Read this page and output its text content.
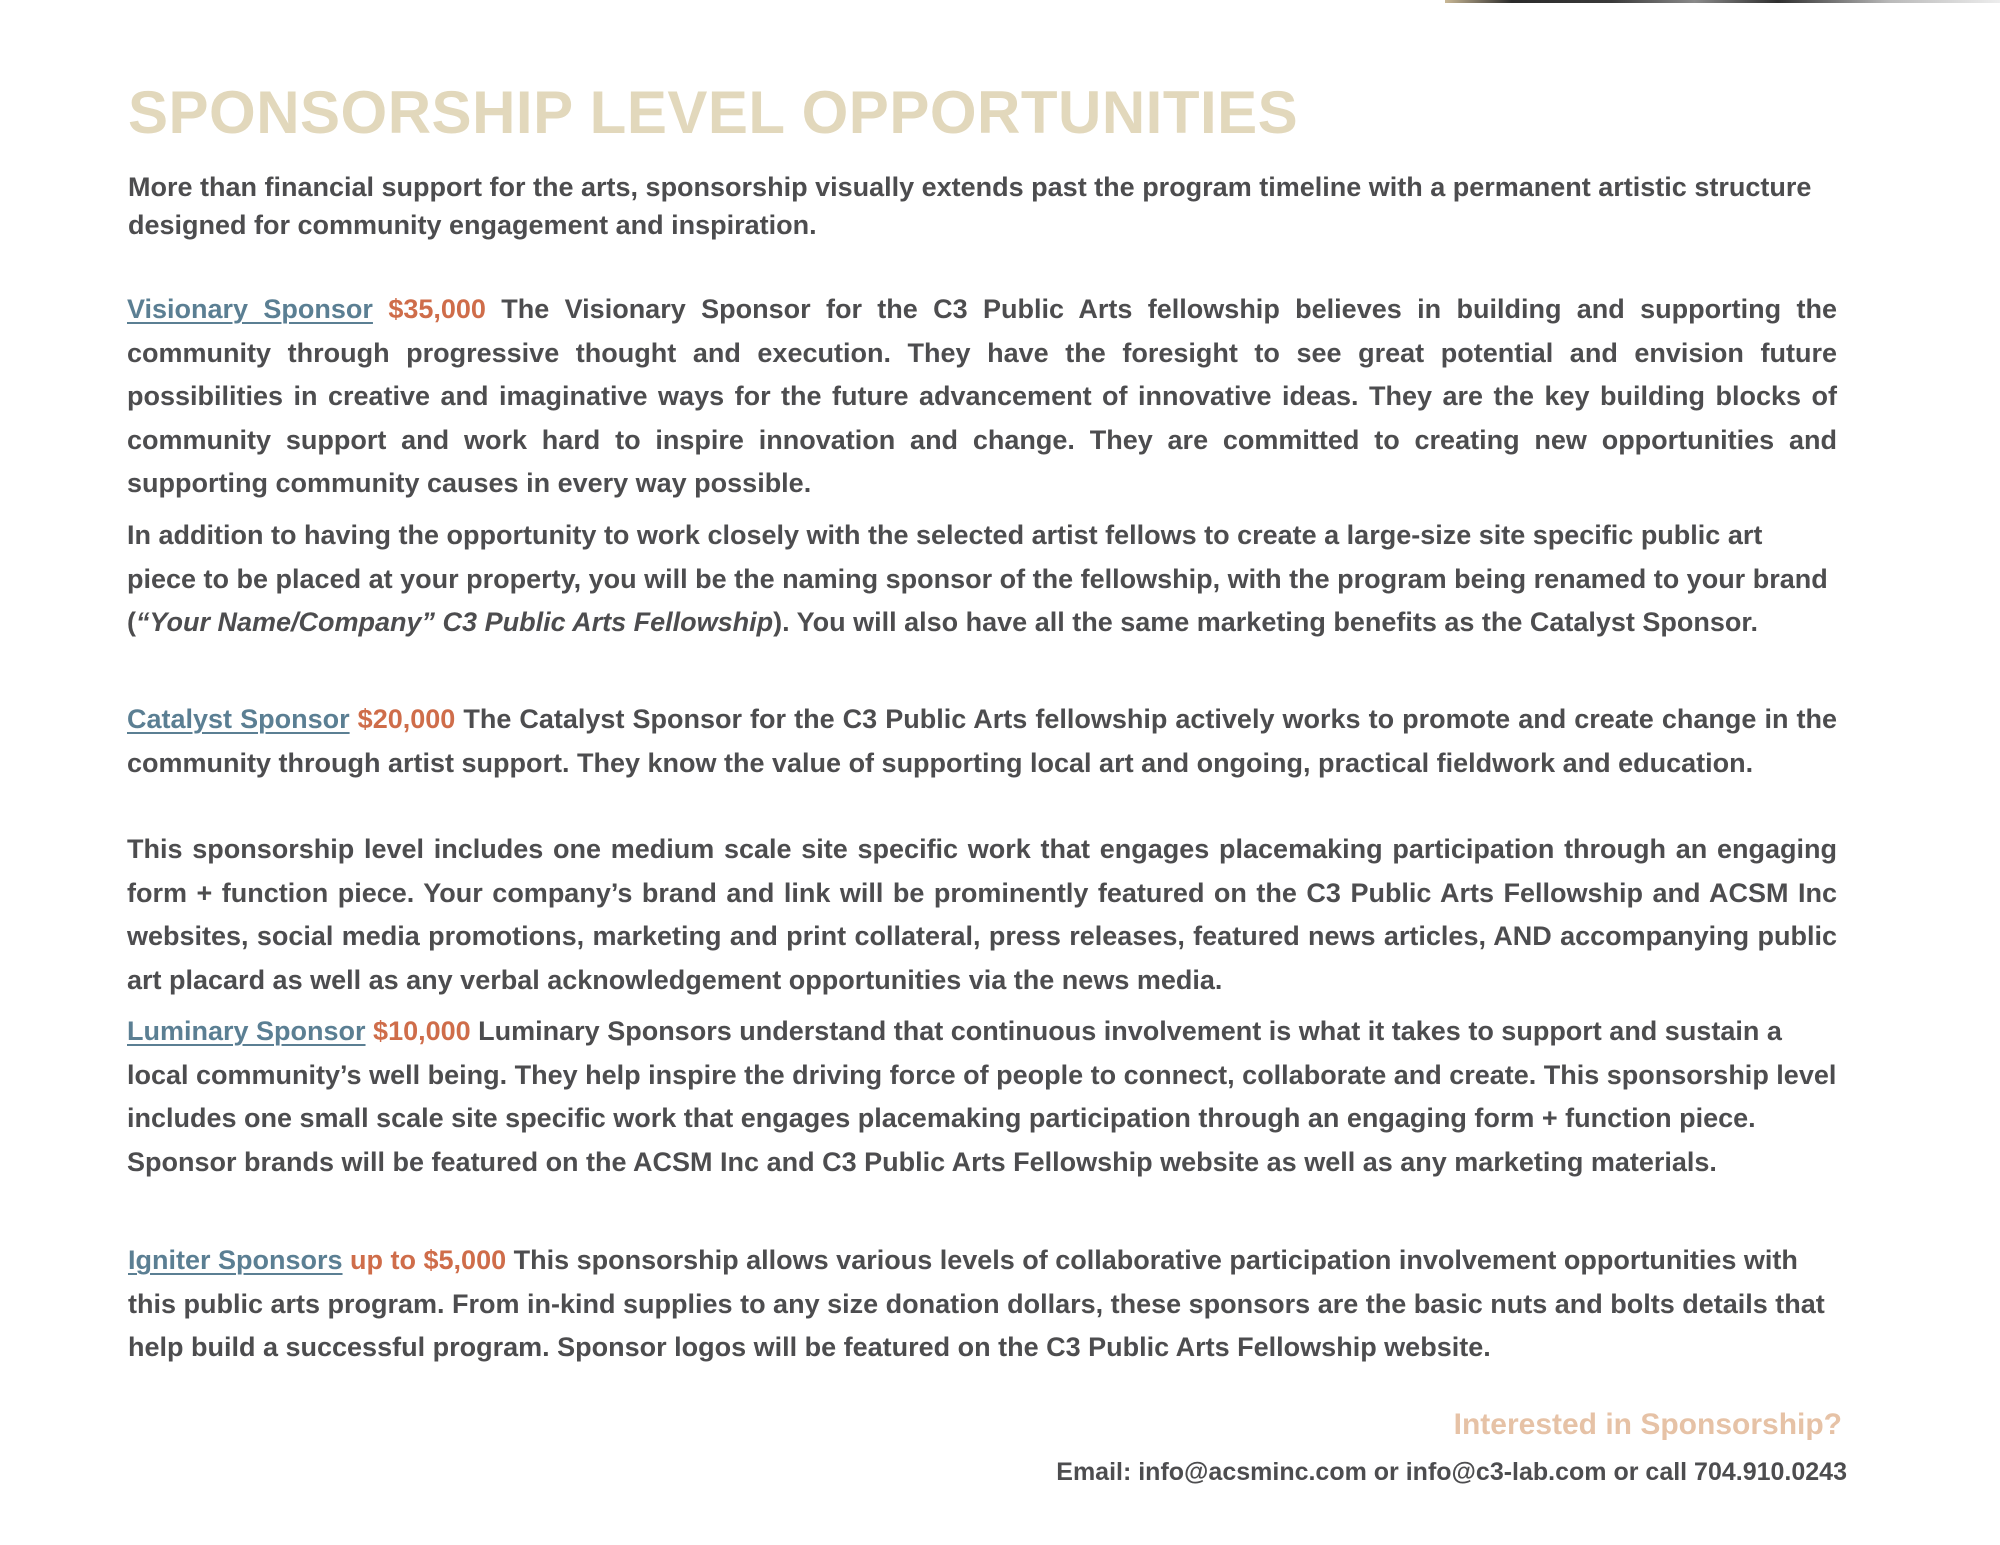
SPONSORSHIP LEVEL OPPORTUNITIES

More than financial support for the arts, sponsorship visually extends past the program timeline with a permanent artistic structure designed for community engagement and inspiration.

Visionary Sponsor $35,000 The Visionary Sponsor for the C3 Public Arts fellowship believes in building and supporting the community through progressive thought and execution. They have the foresight to see great potential and envision future possibilities in creative and imaginative ways for the future advancement of innovative ideas. They are the key building blocks of community support and work hard to inspire innovation and change. They are committed to creating new opportunities and supporting community causes in every way possible.

In addition to having the opportunity to work closely with the selected artist fellows to create a large-size site specific public art piece to be placed at your property, you will be the naming sponsor of the fellowship, with the program being renamed to your brand (“Your Name/Company” C3 Public Arts Fellowship). You will also have all the same marketing benefits as the Catalyst Sponsor.

Catalyst Sponsor $20,000 The Catalyst Sponsor for the C3 Public Arts fellowship actively works to promote and create change in the community through artist support. They know the value of supporting local art and ongoing, practical fieldwork and education.

This sponsorship level includes one medium scale site specific work that engages placemaking participation through an engaging form + function piece. Your company’s brand and link will be prominently featured on the C3 Public Arts Fellowship and ACSM Inc websites, social media promotions, marketing and print collateral, press releases, featured news articles, AND accompanying public art placard as well as any verbal acknowledgement opportunities via the news media.

Luminary Sponsor $10,000 Luminary Sponsors understand that continuous involvement is what it takes to support and sustain a local community’s well being. They help inspire the driving force of people to connect, collaborate and create. This sponsorship level includes one small scale site specific work that engages placemaking participation through an engaging form + function piece. Sponsor brands will be featured on the ACSM Inc and C3 Public Arts Fellowship website as well as any marketing materials.

Igniter Sponsors up to $5,000 This sponsorship allows various levels of collaborative participation involvement opportunities with this public arts program. From in-kind supplies to any size donation dollars, these sponsors are the basic nuts and bolts details that help build a successful program. Sponsor logos will be featured on the C3 Public Arts Fellowship website.

Interested in Sponsorship?

Email: info@acsminc.com or info@c3-lab.com or call 704.910.0243
